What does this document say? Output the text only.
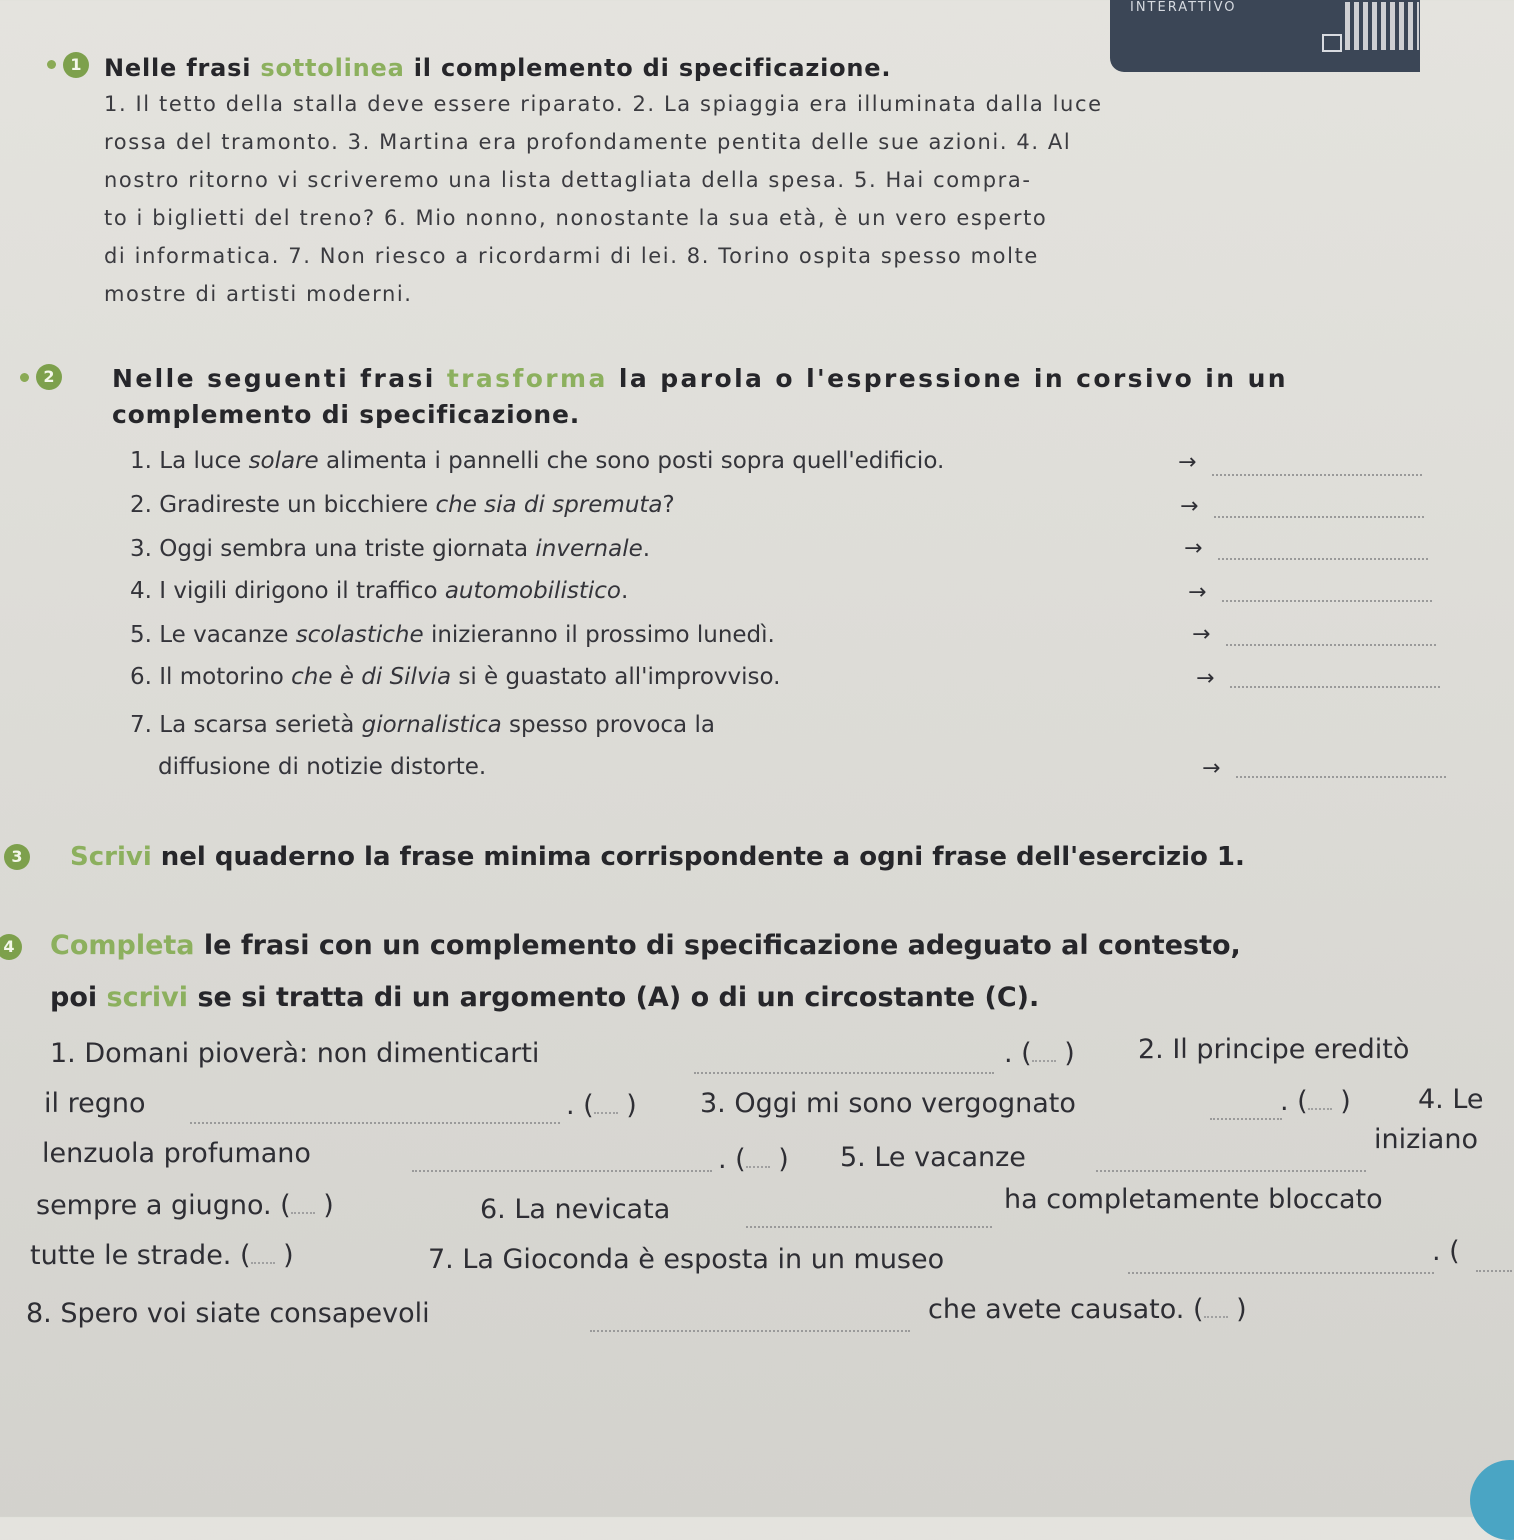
INTERATTIVO
1 Nelle frasi sottolinea il complemento di specificazione.
1. Il tetto della stalla deve essere riparato. 2. La spiaggia era illuminata dalla luce
rossa del tramonto. 3. Martina era profondamente pentita delle sue azioni. 4. Al
nostro ritorno vi scriveremo una lista dettagliata della spesa. 5. Hai compra-
to i biglietti del treno? 6. Mio nonno, nonostante la sua età, è un vero esperto
di informatica. 7. Non riesco a ricordarmi di lei. 8. Torino ospita spesso molte
mostre di artisti moderni.
2 Nelle seguenti frasi trasforma la parola o l'espressione in corsivo in un
complemento di specificazione.
1. La luce solare alimenta i pannelli che sono posti sopra quell'edificio.	→
2. Gradireste un bicchiere che sia di spremuta?	→
3. Oggi sembra una triste giornata invernale.	→
4. I vigili dirigono il traffico automobilistico.	→
5. Le vacanze scolastiche inizieranno il prossimo lunedì.	→
6. Il motorino che è di Silvia si è guastato all'improvviso.	→
7. La scarsa serietà giornalistica spesso provoca la
diffusione di notizie distorte.	→
3 Scrivi nel quaderno la frase minima corrispondente a ogni frase dell'esercizio 1.
4 Completa le frasi con un complemento di specificazione adeguato al contesto,
poi scrivi se si tratta di un argomento (A) o di un circostante (C).
1. Domani pioverà: non dimenticarti	. ( ) 2. Il principe ereditò
il regno	. ( ) 3. Oggi mi sono vergognato	. ( ) 4. Le
lenzuola profumano	. ( ) 5. Le vacanze
iniziano
sempre a giugno. ( )	6. La nevicata	ha completamente bloccato
tutte le strade. ( )	7. La Gioconda è esposta in un museo	. (
8. Spero voi siate consapevoli	che avete causato. ( )
